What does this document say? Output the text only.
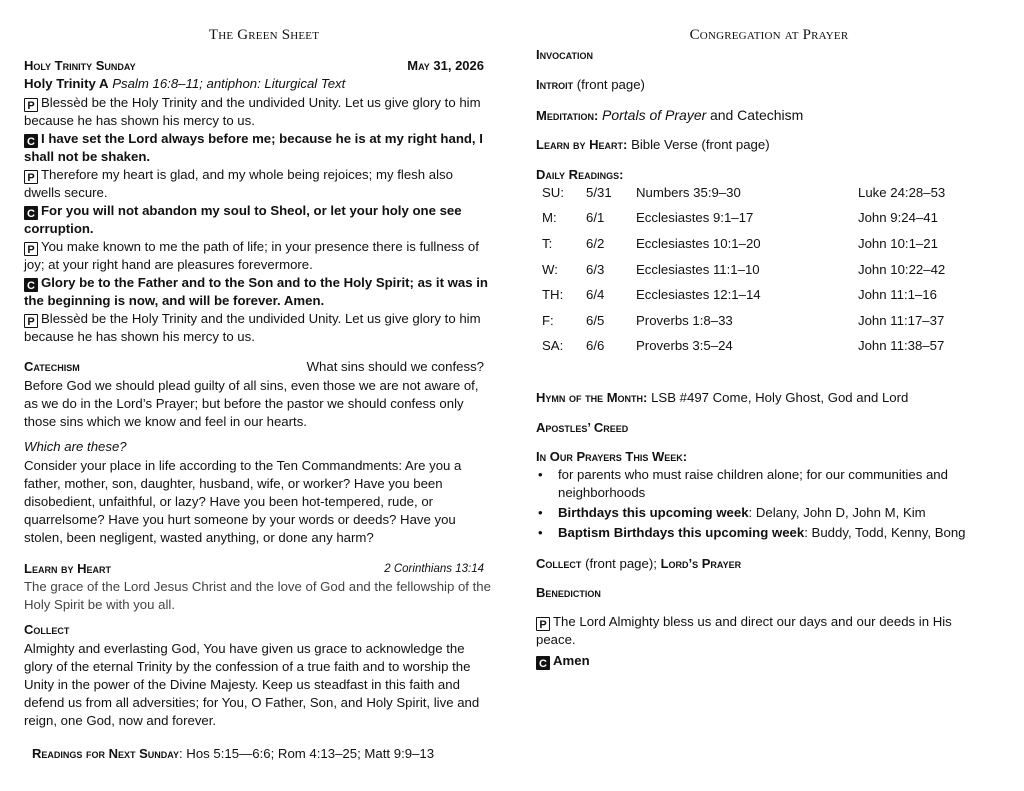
The Green Sheet
Holy Trinity Sunday	May 31, 2026
Holy Trinity A Psalm 16:8–11; antiphon: Liturgical Text
P Blessèd be the Holy Trinity and the undivided Unity. Let us give glory to him because he has shown his mercy to us.
C I have set the Lord always before me; because he is at my right hand, I shall not be shaken.
P Therefore my heart is glad, and my whole being rejoices; my flesh also dwells secure.
C For you will not abandon my soul to Sheol, or let your holy one see corruption.
P You make known to me the path of life; in your presence there is fullness of joy; at your right hand are pleasures forevermore.
C Glory be to the Father and to the Son and to the Holy Spirit; as it was in the beginning is now, and will be forever. Amen.
P Blessèd be the Holy Trinity and the undivided Unity. Let us give glory to him because he has shown his mercy to us.
Catechism	What sins should we confess?
Before God we should plead guilty of all sins, even those we are not aware of, as we do in the Lord’s Prayer; but before the pastor we should confess only those sins which we know and feel in our hearts.
Which are these?
Consider your place in life according to the Ten Commandments: Are you a father, mother, son, daughter, husband, wife, or worker? Have you been disobedient, unfaithful, or lazy? Have you been hot-tempered, rude, or quarrelsome? Have you hurt someone by your words or deeds? Have you stolen, been negligent, wasted anything, or done any harm?
Learn by Heart	2 Corinthians 13:14
The grace of the Lord Jesus Christ and the love of God and the fellowship of the Holy Spirit be with you all.
Collect
Almighty and everlasting God, You have given us grace to acknowledge the glory of the eternal Trinity by the confession of a true faith and to worship the Unity in the power of the Divine Majesty. Keep us steadfast in this faith and defend us from all adversities; for You, O Father, Son, and Holy Spirit, live and reign, one God, now and forever.
Readings for Next Sunday: Hos 5:15—6:6; Rom 4:13–25; Matt 9:9–13
Congregation at Prayer
Invocation
Introit (front page)
Meditation: Portals of Prayer and Catechism
Learn by Heart: Bible Verse (front page)
Daily Readings:
SU:	5/31	Numbers 35:9–30	Luke 24:28–53
M:	6/1	Ecclesiastes 9:1–17	John 9:24–41
T:	6/2	Ecclesiastes 10:1–20	John 10:1–21
W:	6/3	Ecclesiastes 11:1–10	John 10:22–42
TH:	6/4	Ecclesiastes 12:1–14	John 11:1–16
F:	6/5	Proverbs 1:8–33	John 11:17–37
SA:	6/6	Proverbs 3:5–24	John 11:38–57
Hymn of the Month: LSB #497 Come, Holy Ghost, God and Lord
Apostles’ Creed
In Our Prayers This Week:
• for parents who must raise children alone; for our communities and neighborhoods
• Birthdays this upcoming week: Delany, John D, John M, Kim
• Baptism Birthdays this upcoming week: Buddy, Todd, Kenny, Bong
Collect (front page); Lord’s Prayer
Benediction
P The Lord Almighty bless us and direct our days and our deeds in His peace.
C Amen
